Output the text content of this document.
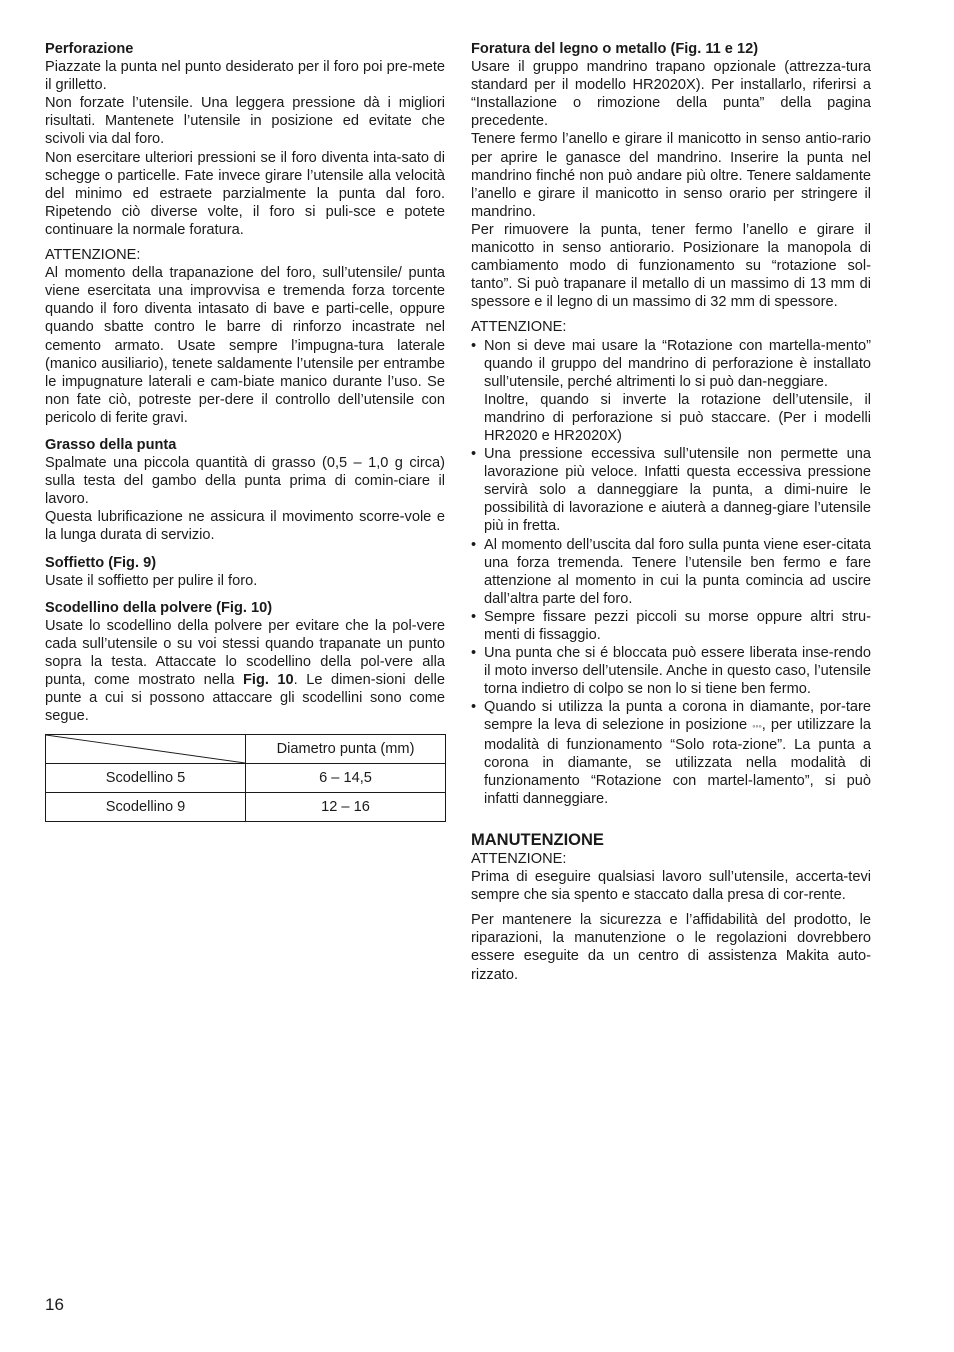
Perforazione

Piazzate la punta nel punto desiderato per il foro poi pre-mete il grilletto.

Non forzate l’utensile. Una leggera pressione dà i migliori risultati. Mantenete l’utensile in posizione ed evitate che scivoli via dal foro.

Non esercitare ulteriori pressioni se il foro diventa inta-sato di schegge o particelle. Fate invece girare l’utensile alla velocità del minimo ed estraete parzialmente la punta dal foro. Ripetendo ciò diverse volte, il foro si puli-sce e potete continuare la normale foratura.

ATTENZIONE:

Al momento della trapanazione del foro, sull’utensile/ punta viene esercitata una improvvisa e tremenda forza torcente quando il foro diventa intasato di bave e parti-celle, oppure quando sbatte contro le barre di rinforzo incastrate nel cemento armato. Usate sempre l’impugna-tura laterale (manico ausiliario), tenete saldamente l’utensile per entrambe le impugnature laterali e cam-biate manico durante l’uso. Se non fate ciò, potreste per-dere il controllo dell’utensile con pericolo di ferite gravi.

Grasso della punta

Spalmate una piccola quantità di grasso (0,5 – 1,0 g circa) sulla testa del gambo della punta prima di comin-ciare il lavoro.

Questa lubrificazione ne assicura il movimento scorre-vole e la lunga durata di servizio.

Soffietto (Fig. 9)

Usate il soffietto per pulire il foro.

Scodellino della polvere (Fig. 10)

Usate lo scodellino della polvere per evitare che la pol-vere cada sull’utensile o su voi stessi quando trapanate un punto sopra la testa. Attaccate lo scodellino della pol-vere alla punta, come mostrato nella Fig. 10. Le dimen-sioni delle punte a cui si possono attaccare gli scodellini sono come segue.

	Diametro punta (mm)
Scodellino 5	6 – 14,5
Scodellino 9	12 – 16
Foratura del legno o metallo (Fig. 11 e 12)

Usare il gruppo mandrino trapano opzionale (attrezza-tura standard per il modello HR2020X). Per installarlo, riferirsi a “Installazione o rimozione della punta” della pagina precedente.

Tenere fermo l’anello e girare il manicotto in senso antio-rario per aprire le ganasce del mandrino. Inserire la punta nel mandrino finché non può andare più oltre. Tenere saldamente l’anello e girare il manicotto in senso orario per stringere il mandrino.

Per rimuovere la punta, tener fermo l’anello e girare il manicotto in senso antiorario. Posizionare la manopola di cambiamento modo di funzionamento su “rotazione sol-tanto”. Si può trapanare il metallo di un massimo di 13 mm di spessore e il legno di un massimo di 32 mm di spessore.

ATTENZIONE:

• Non si deve mai usare la “Rotazione con martella-mento” quando il gruppo del mandrino di perforazione è installato sull’utensile, perché altrimenti lo si può dan-neggiare.
Inoltre, quando si inverte la rotazione dell’utensile, il mandrino di perforazione si può staccare. (Per i modelli HR2020 e HR2020X)
• Una pressione eccessiva sull’utensile non permette una lavorazione più veloce. Infatti questa eccessiva pressione servirà solo a danneggiare la punta, a dimi-nuire le possibilità di lavorazione e aiuterà a danneg-giare l’utensile più in fretta.
• Al momento dell’uscita dal foro sulla punta viene eser-citata una forza tremenda. Tenere l’utensile ben fermo e fare attenzione al momento in cui la punta comincia ad uscire dall’altra parte del foro.
• Sempre fissare pezzi piccoli su morse oppure altri stru-menti di fissaggio.
• Una punta che si é bloccata può essere liberata inse-rendo il moto inverso dell’utensile. Anche in questo caso, l’utensile torna indietro di colpo se non lo si tiene ben fermo.
• Quando si utilizza la punta a corona in diamante, por-tare sempre la leva di selezione in posizione ◦◦◦, per utilizzare la modalità di funzionamento “Solo rota-zione”. La punta a corona in diamante, se utilizzata nella modalità di funzionamento “Rotazione con martel-lamento”, si può infatti danneggiare.
MANUTENZIONE

ATTENZIONE:

Prima di eseguire qualsiasi lavoro sull’utensile, accerta-tevi sempre che sia spento e staccato dalla presa di cor-rente.

Per mantenere la sicurezza e l’affidabilità del prodotto, le riparazioni, la manutenzione o le regolazioni dovrebbero essere eseguite da un centro di assistenza Makita auto-rizzato.

16
